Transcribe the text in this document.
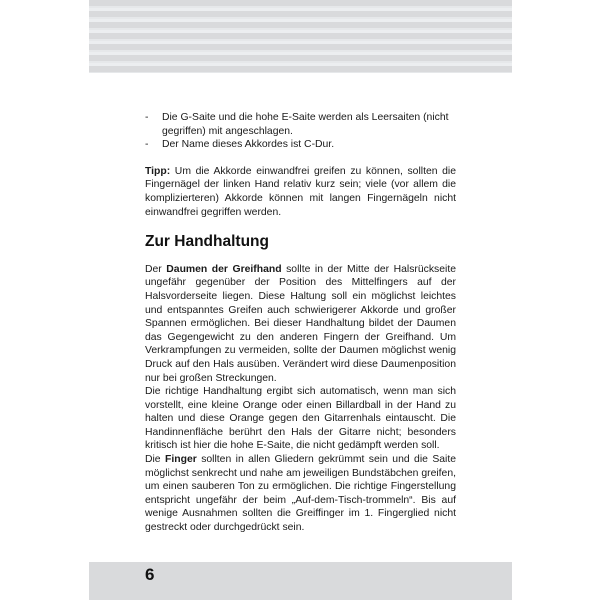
- Die G-Saite und die hohe E-Saite werden als Leersaiten (nicht gegriffen) mit angeschlagen.
- Der Name dieses Akkordes ist C-Dur.

Tipp: Um die Akkorde einwandfrei greifen zu können, sollten die Fingernägel der linken Hand relativ kurz sein; viele (vor allem die komplizierteren) Akkorde können mit langen Fingernägeln nicht einwandfrei gegriffen werden.

Zur Handhaltung

Der Daumen der Greifhand sollte in der Mitte der Halsrückseite ungefähr gegenüber der Position des Mittelfingers auf der Halsvorderseite liegen. Diese Haltung soll ein möglichst leichtes und entspanntes Greifen auch schwierigerer Akkorde und großer Spannen ermöglichen. Bei dieser Handhaltung bildet der Daumen das Gegengewicht zu den anderen Fingern der Greifhand. Um Verkrampfungen zu vermeiden, sollte der Daumen möglichst wenig Druck auf den Hals ausüben. Verändert wird diese Daumenposition nur bei großen Streckungen.

Die richtige Handhaltung ergibt sich automatisch, wenn man sich vorstellt, eine kleine Orange oder einen Billardball in der Hand zu halten und diese Orange gegen den Gitarrenhals eintauscht. Die Handinnenfläche berührt den Hals der Gitarre nicht; besonders kritisch ist hier die hohe E-Saite, die nicht gedämpft werden soll.

Die Finger sollten in allen Gliedern gekrümmt sein und die Saite möglichst senkrecht und nahe am jeweiligen Bundstäbchen greifen, um einen sauberen Ton zu ermöglichen. Die richtige Fingerstellung entspricht ungefähr der beim „Auf-dem-Tisch-trommeln“. Bis auf wenige Ausnahmen sollten die Greiffinger im 1. Fingerglied nicht gestreckt oder durchgedrückt sein.

6
